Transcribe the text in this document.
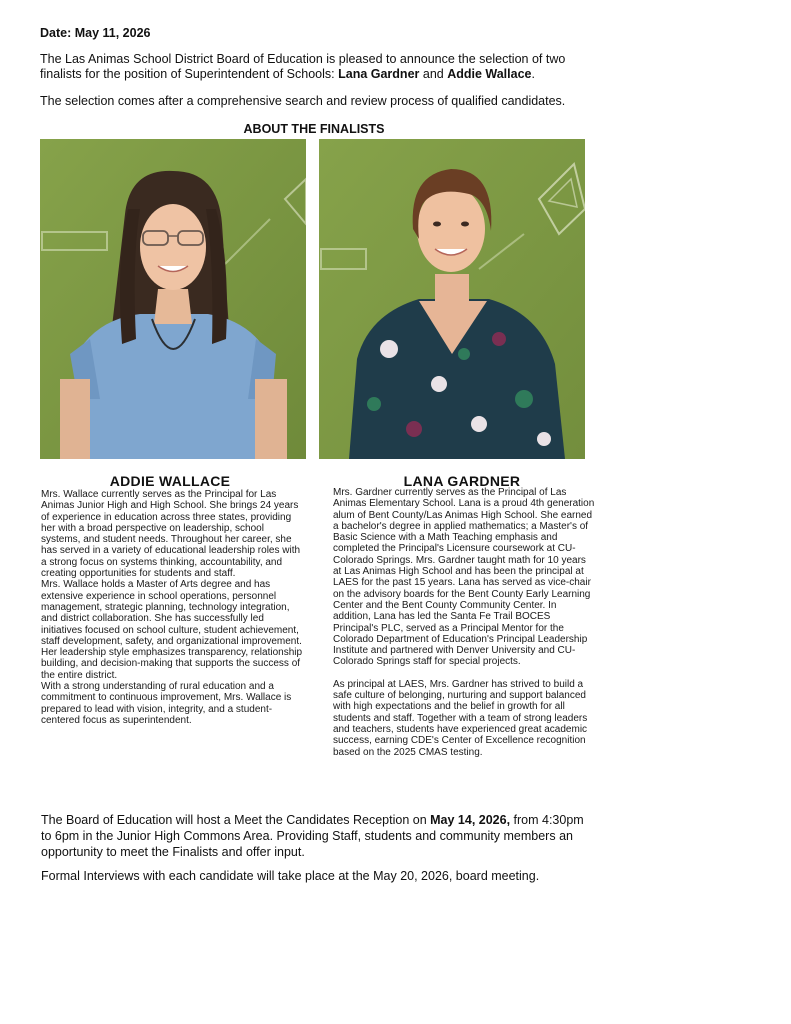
Date: May 11, 2026
The Las Animas School District Board of Education is pleased to announce the selection of two finalists for the position of Superintendent of Schools: Lana Gardner and Addie Wallace.
The selection comes after a comprehensive search and review process of qualified candidates.
ABOUT THE FINALISTS
ADDIE WALLACE	LANA GARDNER

Mrs. Wallace currently serves as the Principal for Las Animas Junior High and High School. She brings 24 years of experience in education across three states, providing her with a broad perspective on leadership, school systems, and student needs. Throughout her career, she has served in a variety of educational leadership roles with a strong focus on systems thinking, accountability, and creating opportunities for students and staff.

Mrs. Wallace holds a Master of Arts degree and has extensive experience in school operations, personnel management, strategic planning, technology integration, and district collaboration. She has successfully led initiatives focused on school culture, student achievement, staff development, safety, and organizational improvement. Her leadership style emphasizes transparency, relationship building, and decision-making that supports the success of the entire district.

With a strong understanding of rural education and a commitment to continuous improvement, Mrs. Wallace is prepared to lead with vision, integrity, and a student-centered focus as superintendent.

Mrs. Gardner currently serves as the Principal of Las Animas Elementary School. Lana is a proud 4th generation alum of Bent County/Las Animas High School. She earned a bachelor's degree in applied mathematics; a Master's of Basic Science with a Math Teaching emphasis and completed the Principal's Licensure coursework at CU-Colorado Springs. Mrs. Gardner taught math for 10 years at Las Animas High School and has been the principal at LAES for the past 15 years. Lana has served as vice-chair on the advisory boards for the Bent County Early Learning Center and the Bent County Community Center. In addition, Lana has led the Santa Fe Trail BOCES Principal's PLC, served as a Principal Mentor for the Colorado Department of Education's Principal Leadership Institute and partnered with Denver University and CU-Colorado Springs staff for special projects.

As principal at LAES, Mrs. Gardner has strived to build a safe culture of belonging, nurturing and support balanced with high expectations and the belief in growth for all students and staff. Together with a team of strong leaders and teachers, students have experienced great academic success, earning CDE's Center of Excellence recognition based on the 2025 CMAS testing.

The Board of Education will host a Meet the Candidates Reception on May 14, 2026, from 4:30pm to 6pm in the Junior High Commons Area. Providing Staff, students and community members an opportunity to meet the Finalists and offer input.
Formal Interviews with each candidate will take place at the May 20, 2026, board meeting.
